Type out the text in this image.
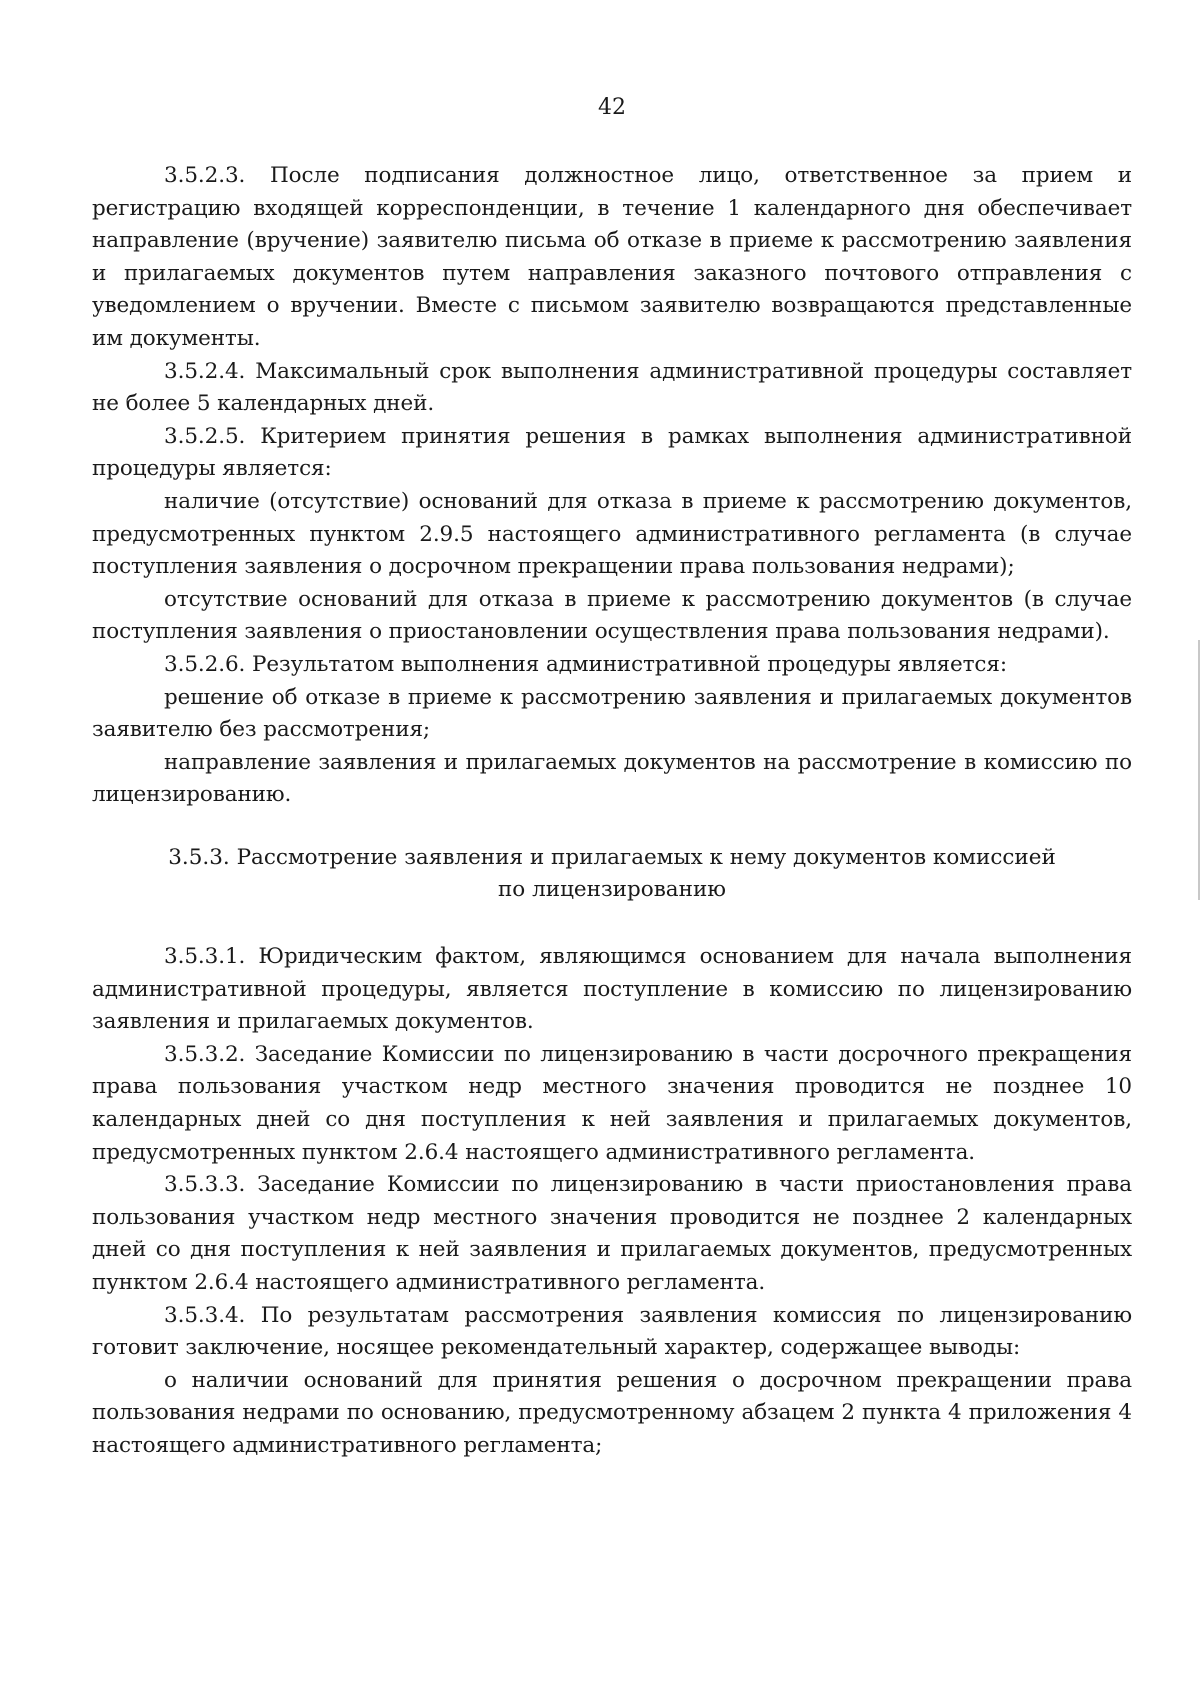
42

3.5.2.3. После подписания должностное лицо, ответственное за прием и регистрацию входящей корреспонденции, в течение 1 календарного дня обеспечивает направление (вручение) заявителю письма об отказе в приеме к рассмотрению заявления и прилагаемых документов путем направления заказного почтового отправления с уведомлением о вручении. Вместе с письмом заявителю возвращаются представленные им документы.

3.5.2.4. Максимальный срок выполнения административной процедуры составляет не более 5 календарных дней.

3.5.2.5. Критерием принятия решения в рамках выполнения административной процедуры является:

наличие (отсутствие) оснований для отказа в приеме к рассмотрению документов, предусмотренных пунктом 2.9.5 настоящего административного регламента (в случае поступления заявления о досрочном прекращении права пользования недрами);

отсутствие оснований для отказа в приеме к рассмотрению документов (в случае поступления заявления о приостановлении осуществления права пользования недрами).

3.5.2.6. Результатом выполнения административной процедуры является:

решение об отказе в приеме к рассмотрению заявления и прилагаемых документов заявителю без рассмотрения;

направление заявления и прилагаемых документов на рассмотрение в комиссию по лицензированию.

3.5.3. Рассмотрение заявления и прилагаемых к нему документов комиссией
по лицензированию

3.5.3.1. Юридическим фактом, являющимся основанием для начала выполнения административной процедуры, является поступление в комиссию по лицензированию заявления и прилагаемых документов.

3.5.3.2. Заседание Комиссии по лицензированию в части досрочного прекращения права пользования участком недр местного значения проводится не позднее 10 календарных дней со дня поступления к ней заявления и прилагаемых документов, предусмотренных пунктом 2.6.4 настоящего административного регламента.

3.5.3.3. Заседание Комиссии по лицензированию в части приостановления права пользования участком недр местного значения проводится не позднее 2 календарных дней со дня поступления к ней заявления и прилагаемых документов, предусмотренных пунктом 2.6.4 настоящего административного регламента.

3.5.3.4. По результатам рассмотрения заявления комиссия по лицензированию готовит заключение, носящее рекомендательный характер, содержащее выводы:

о наличии оснований для принятия решения о досрочном прекращении права пользования недрами по основанию, предусмотренному абзацем 2 пункта 4 приложения 4 настоящего административного регламента;
